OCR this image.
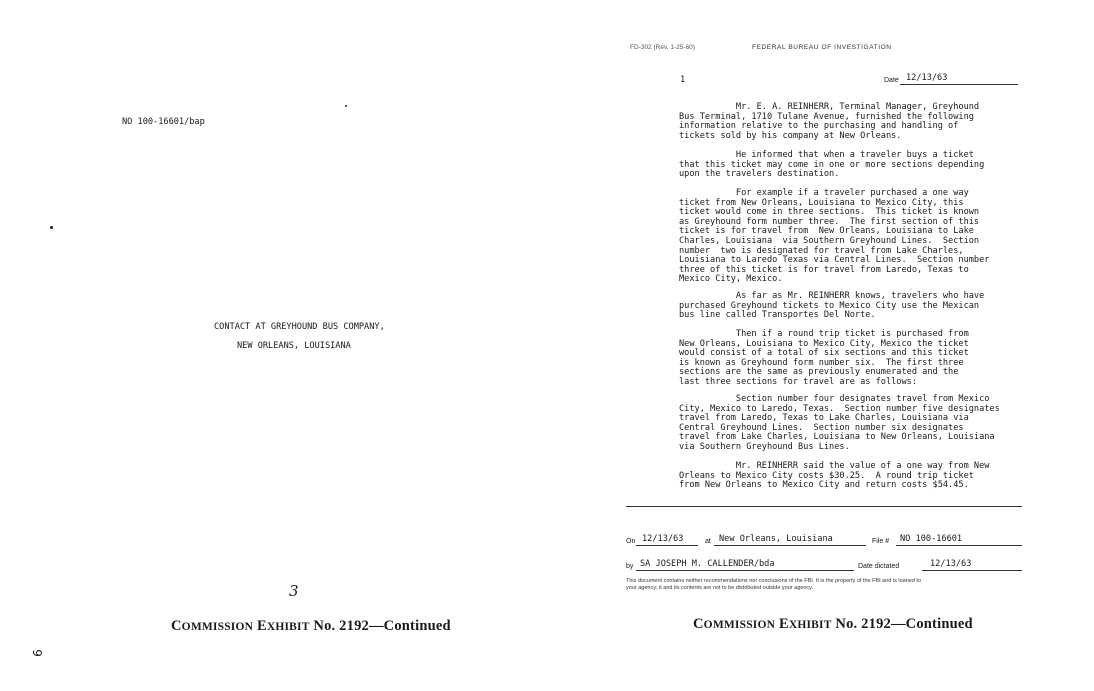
NO 100-16601/bap
CONTACT AT GREYHOUND BUS COMPANY,
NEW ORLEANS, LOUISIANA
3
COMMISSION EXHIBIT No. 2192—Continued
6
FD-302 (Rev. 1-25-60)	FEDERAL BUREAU OF INVESTIGATION
1	Date 12/13/63
Mr. E. A. REINHERR, Terminal Manager, Greyhound
Bus Terminal, 1710 Tulane Avenue, furnished the following
information relative to the purchasing and handling of
tickets sold by his company at New Orleans.
He informed that when a traveler buys a ticket
that this ticket may come in one or more sections depending
upon the travelers destination.
For example if a traveler purchased a one way
ticket from New Orleans, Louisiana to Mexico City, this
ticket would come in three sections.  This ticket is known
as Greyhound form number three.  The first section of this
ticket is for travel from  New Orleans, Louisiana to Lake
Charles, Louisiana  via Southern Greyhound Lines.  Section
number  two is designated for travel from Lake Charles,
Louisiana to Laredo Texas via Central Lines.  Section number
three of this ticket is for travel from Laredo, Texas to
Mexico City, Mexico.
As far as Mr. REINHERR knows, travelers who have
purchased Greyhound tickets to Mexico City use the Mexican
bus line called Transportes Del Norte.
Then if a round trip ticket is purchased from
New Orleans, Louisiana to Mexico City, Mexico the ticket
would consist of a total of six sections and this ticket
is known as Greyhound form number six.  The first three
sections are the same as previously enumerated and the
last three sections for travel are as follows:
Section number four designates travel from Mexico
City, Mexico to Laredo, Texas.  Section number five designates
travel from Laredo, Texas to Lake Charles, Louisiana via
Central Greyhound Lines.  Section number six designates
travel from Lake Charles, Louisiana to New Orleans, Louisiana
via Southern Greyhound Bus Lines.
Mr. REINHERR said the value of a one way from New
Orleans to Mexico City costs $30.25.  A round trip ticket
from New Orleans to Mexico City and return costs $54.45.
On 12/13/63	at New Orleans, Louisiana	File # NO 100-16601
by SA JOSEPH M. CALLENDER/bda	Date dictated	12/13/63
This document contains neither recommendations nor conclusions of the FBI. It is the property of the FBI and is loaned to
your agency; it and its contents are not to be distributed outside your agency.
COMMISSION EXHIBIT No. 2192—Continued
